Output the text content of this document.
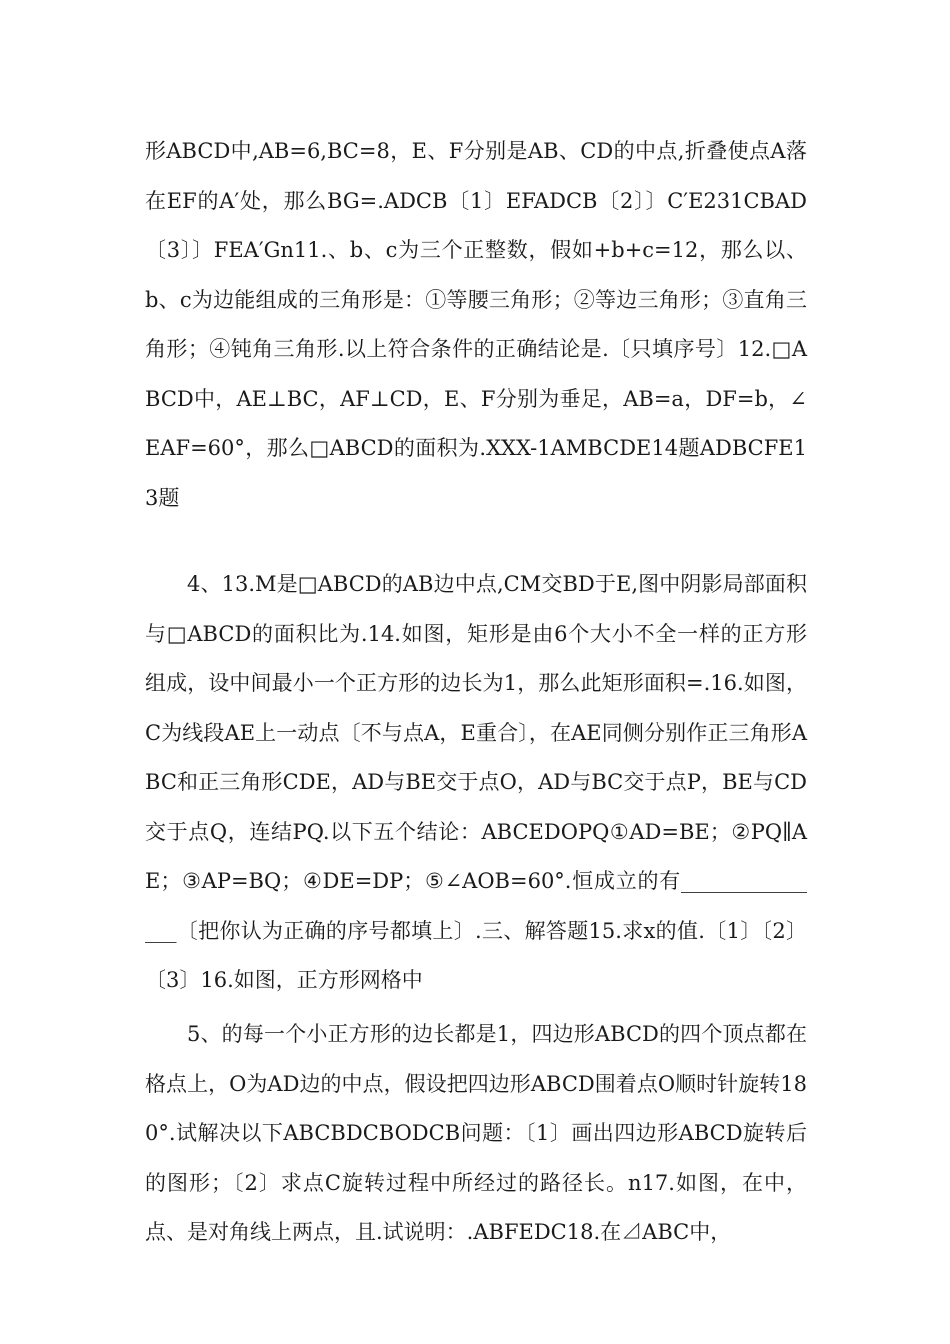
形ABCD中,AB=6,BC=8，E、F分别是AB、CD的中点,折叠使点A落在EF的A′处，那么BG=.ADCB〔1〕EFADCB〔2〕〕C′E231CBAD〔3〕〕FEA′Gn11.、b、c为三个正整数，假如+b+c=12，那么以、b、c为边能组成的三角形是：①等腰三角形；②等边三角形；③直角三角形；④钝角三角形.以上符合条件的正确结论是.〔只填序号〕12.□ABCD中，AE⊥BC，AF⊥CD，E、F分别为垂足，AB=a，DF=b，∠EAF=60°，那么□ABCD的面积为.XXX-1AMBCDE14题ADBCFE13题

4、13.M是□ABCD的AB边中点,CM交BD于E,图中阴影局部面积与□ABCD的面积比为.14.如图，矩形是由6个大小不全一样的正方形组成，设中间最小一个正方形的边长为1，那么此矩形面积=.16.如图，C为线段AE上一动点〔不与点A，E重合〕，在AE同侧分别作正三角形ABC和正三角形CDE，AD与BE交于点O，AD与BC交于点P，BE与CD交于点Q，连结PQ.以下五个结论：ABCEDOPQ①AD=BE；②PQ∥AE；③AP=BQ；④DE=DP；⑤∠AOB=60°.恒成立的有_______________〔把你认为正确的序号都填上〕.三、解答题15.求x的值.〔1〕〔2〕〔3〕16.如图，正方形网格中

5、的每一个小正方形的边长都是1，四边形ABCD的四个顶点都在格点上，O为AD边的中点，假设把四边形ABCD围着点O顺时针旋转180°.试解决以下ABCBDCBODCB问题：〔1〕画出四边形ABCD旋转后的图形；〔2〕求点C旋转过程中所经过的路径长。n17.如图，在中，点、是对角线上两点，且.试说明：.ABFEDC18.在⊿ABC中，
